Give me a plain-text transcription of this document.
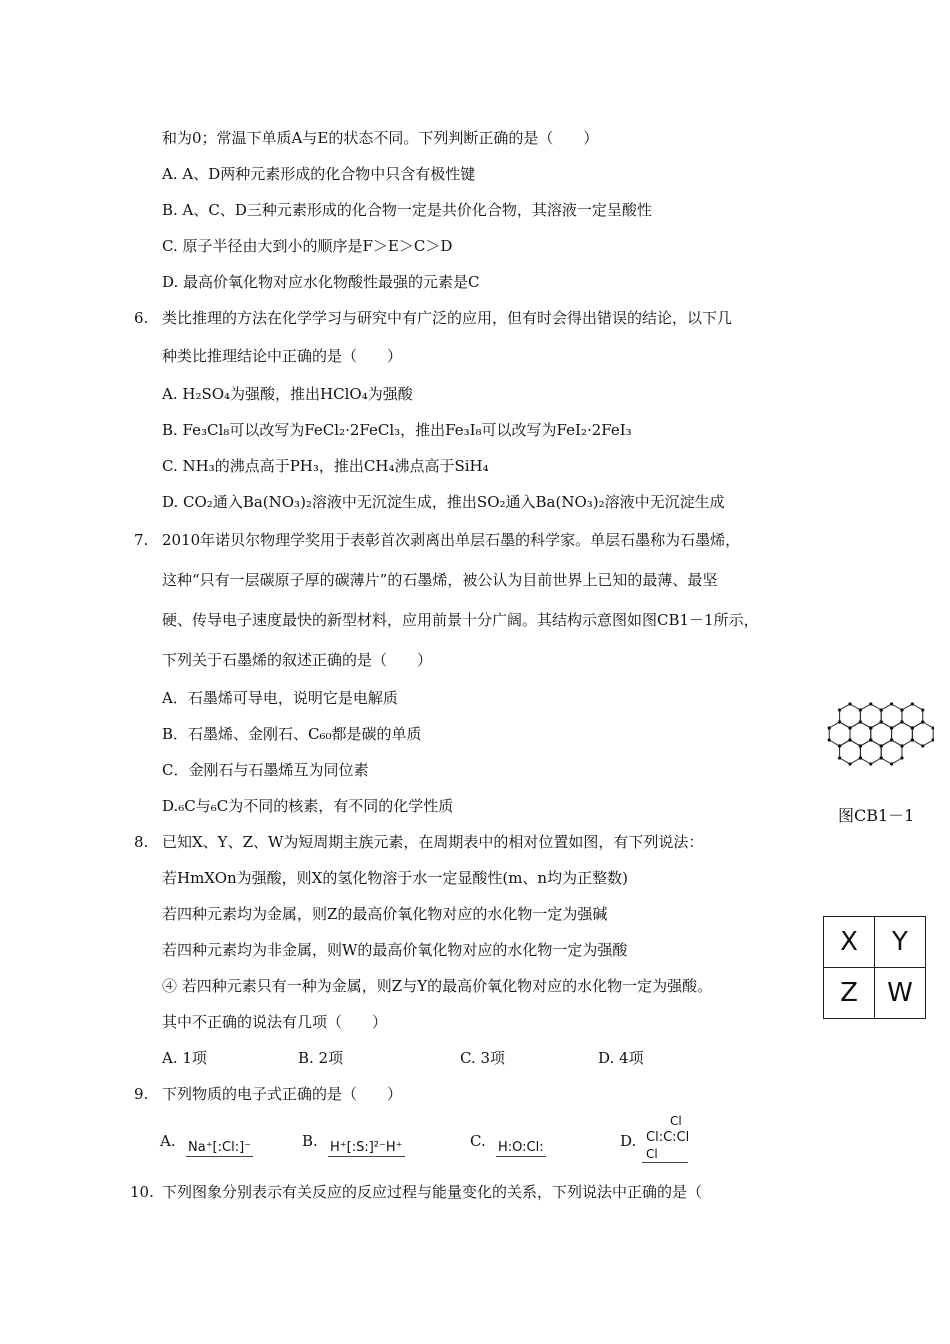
和为0；常温下单质A与E的状态不同。下列判断正确的是（　　）
A. A、D两种元素形成的化合物中只含有极性键
B. A、C、D三种元素形成的化合物一定是共价化合物，其溶液一定呈酸性
C. 原子半径由大到小的顺序是F＞E＞C＞D
D. 最高价氧化物对应水化物酸性最强的元素是C
6. 类比推理的方法在化学学习与研究中有广泛的应用，但有时会得出错误的结论，以下几
种类比推理结论中正确的是（　　）
A. H₂SO₄为强酸，推出HClO₄为强酸
B. Fe₃Cl₈可以改写为FeCl₂·2FeCl₃，推出Fe₃I₈可以改写为FeI₂·2FeI₃
C. NH₃的沸点高于PH₃，推出CH₄沸点高于SiH₄
D. CO₂通入Ba(NO₃)₂溶液中无沉淀生成，推出SO₂通入Ba(NO₃)₂溶液中无沉淀生成
7. 2010年诺贝尔物理学奖用于表彰首次剥离出单层石墨的科学家。单层石墨称为石墨烯，
这种“只有一层碳原子厚的碳薄片”的石墨烯，被公认为目前世界上已知的最薄、最坚
硬、传导电子速度最快的新型材料，应用前景十分广阔。其结构示意图如图CB1－1所示，
下列关于石墨烯的叙述正确的是（　　）
A．石墨烯可导电，说明它是电解质
B．石墨烯、金刚石、C₆₀都是碳的单质
C．金刚石与石墨烯互为同位素
D.₆C与₆C为不同的核素，有不同的化学性质	图CB1－1
8. 已知X、Y、Z、W为短周期主族元素，在周期表中的相对位置如图，有下列说法：
若HmXOn为强酸，则X的氢化物溶于水一定显酸性(m、n均为正整数)
若四种元素均为金属，则Z的最高价氧化物对应的水化物一定为强碱
若四种元素均为非金属，则W的最高价氧化物对应的水化物一定为强酸
④ 若四种元素只有一种为金属，则Z与Y的最高价氧化物对应的水化物一定为强酸。
其中不正确的说法有几项（　　）
A. 1项	B. 2项	C. 3项	D. 4项
X	Y
Z	W
9. 下列物质的电子式正确的是（　　）
A. Na⁺[:Cl:]⁻	B. H⁺[:S:]²⁻H⁺	C. H:O:Cl:	D.
Cl
Cl:C:Cl
Cl
10. 下列图象分别表示有关反应的反应过程与能量变化的关系，下列说法中正确的是（
